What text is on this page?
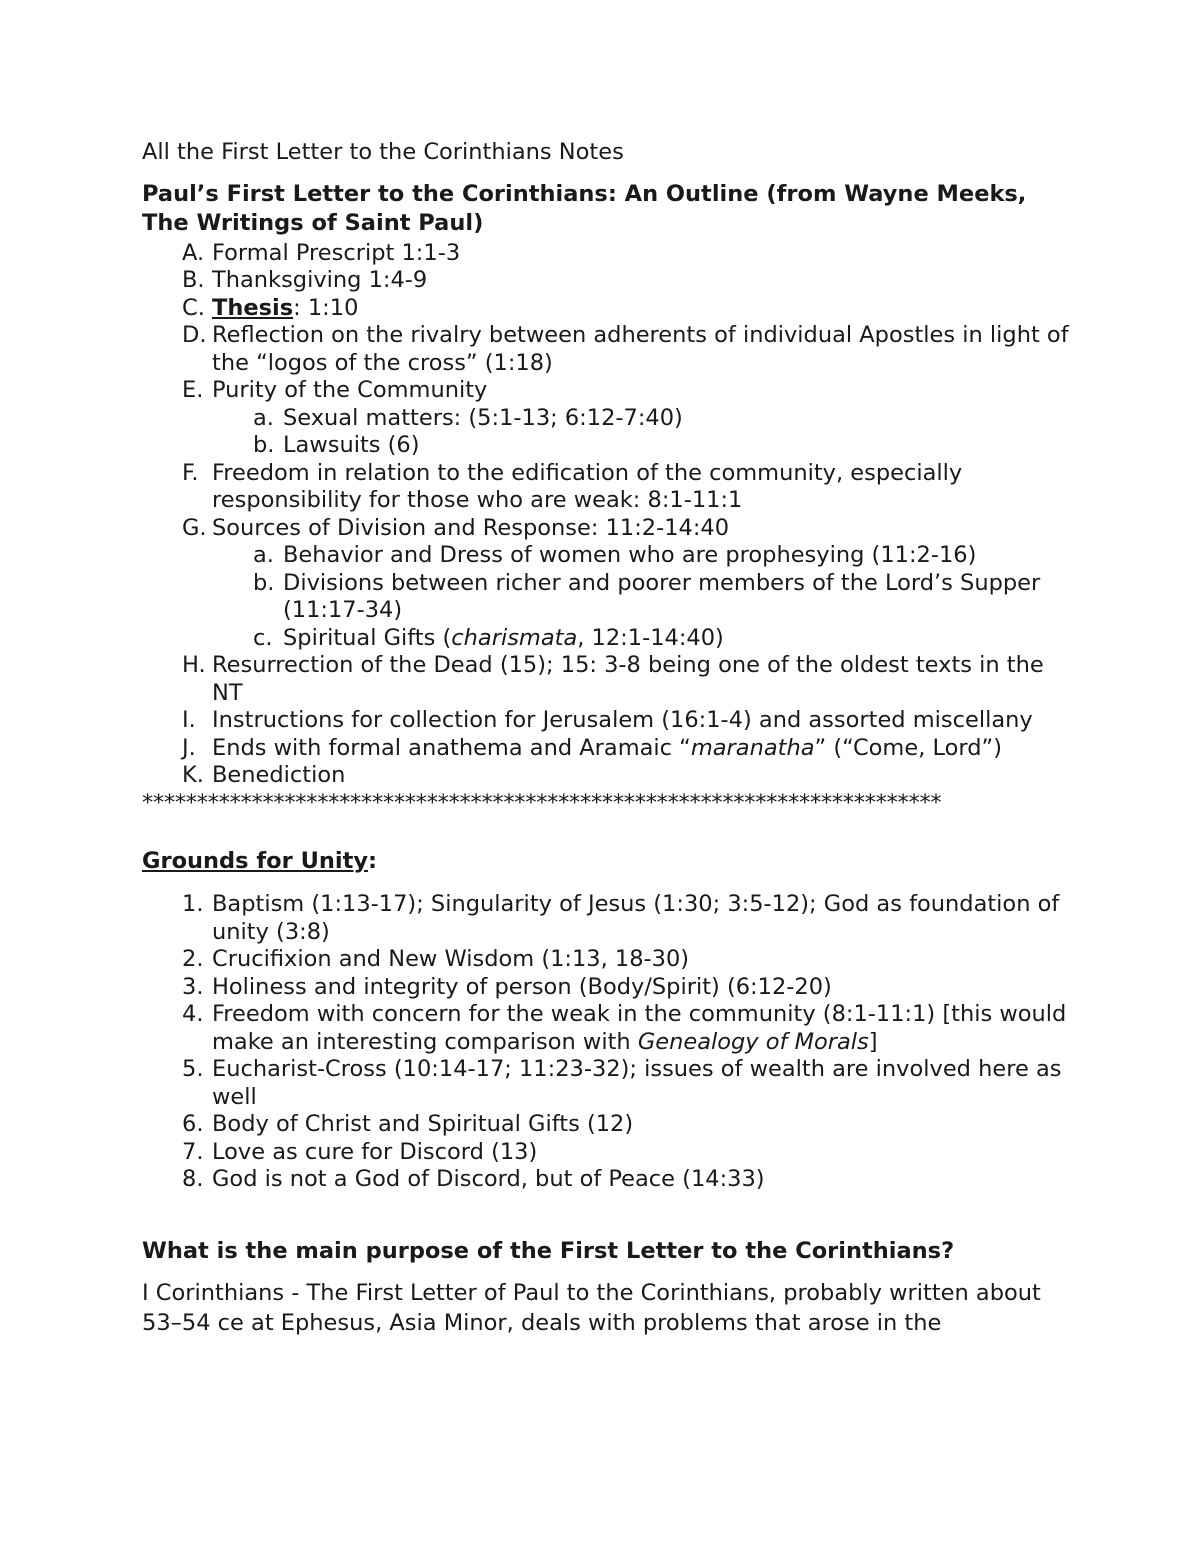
All the First Letter to the Corinthians Notes

Paul’s First Letter to the Corinthians: An Outline (from Wayne Meeks, The Writings of Saint Paul)
A. Formal Prescript 1:1-3
B. Thanksgiving 1:4-9
C. Thesis: 1:10
D. Reflection on the rivalry between adherents of individual Apostles in light of the “logos of the cross” (1:18)
E. Purity of the Community
a. Sexual matters: (5:1-13; 6:12-7:40)
b. Lawsuits (6)
F. Freedom in relation to the edification of the community, especially responsibility for those who are weak: 8:1-11:1
G. Sources of Division and Response: 11:2-14:40
a. Behavior and Dress of women who are prophesying (11:2-16)
b. Divisions between richer and poorer members of the Lord’s Supper (11:17-34)
c. Spiritual Gifts (charismata, 12:1-14:40)
H. Resurrection of the Dead (15); 15: 3-8 being one of the oldest texts in the NT
I. Instructions for collection for Jerusalem (16:1-4) and assorted miscellany
J. Ends with formal anathema and Aramaic “maranatha” (“Come, Lord”)
K. Benediction
*************************************************************************
Grounds for Unity:
1. Baptism (1:13-17); Singularity of Jesus (1:30; 3:5-12); God as foundation of unity (3:8)
2. Crucifixion and New Wisdom (1:13, 18-30)
3. Holiness and integrity of person (Body/Spirit) (6:12-20)
4. Freedom with concern for the weak in the community (8:1-11:1) [this would make an interesting comparison with Genealogy of Morals]
5. Eucharist-Cross (10:14-17; 11:23-32); issues of wealth are involved here as well
6. Body of Christ and Spiritual Gifts (12)
7. Love as cure for Discord (13)
8. God is not a God of Discord, but of Peace (14:33)
What is the main purpose of the First Letter to the Corinthians?

I Corinthians - The First Letter of Paul to the Corinthians, probably written about 53–54 ce at Ephesus, Asia Minor, deals with problems that arose in the
